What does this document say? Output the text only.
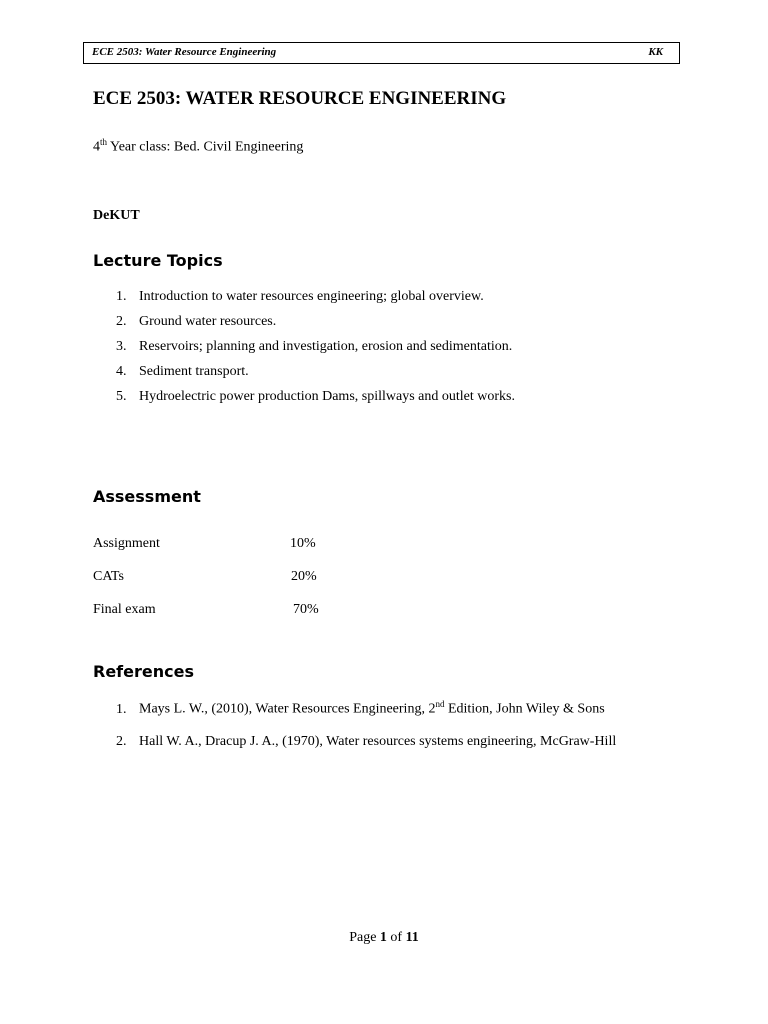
ECE 2503: Water Resource Engineering	KK
ECE 2503: WATER RESOURCE ENGINEERING
4th Year class: Bed. Civil Engineering
DeKUT
Lecture Topics
1. Introduction to water resources engineering; global overview.
2. Ground water resources.
3. Reservoirs; planning and investigation, erosion and sedimentation.
4. Sediment transport.
5. Hydroelectric power production Dams, spillways and outlet works.
Assessment
Assignment	10%
CATs	20%
Final exam	70%
References
1. Mays L. W., (2010), Water Resources Engineering, 2nd Edition, John Wiley & Sons
2. Hall W. A., Dracup J. A., (1970), Water resources systems engineering, McGraw-Hill
Page 1 of 11
